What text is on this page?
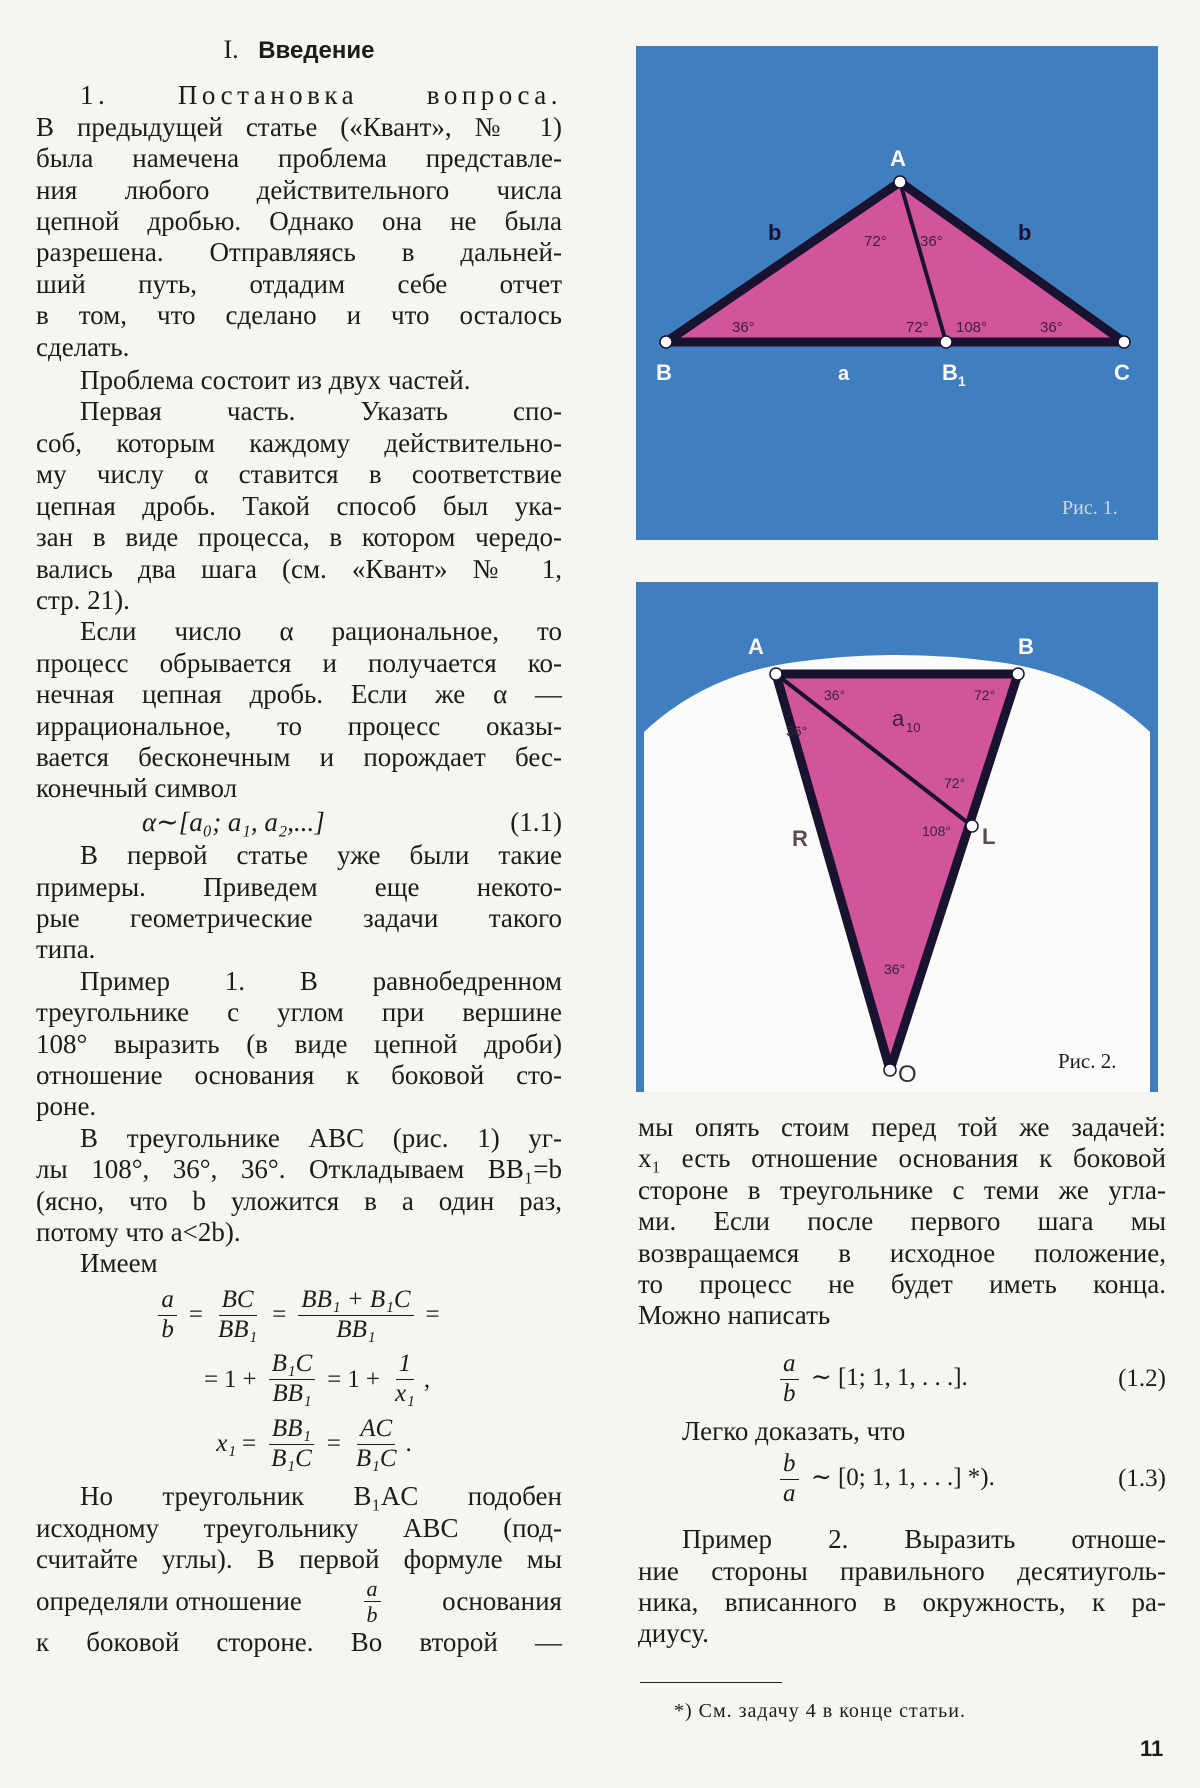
I. Введение

1. Постановка вопроса.

В предыдущей статье («Квант», № 1)

была намечена проблема представле-

ния любого действительного числа

цепной дробью. Однако она не была

разрешена. Отправляясь в дальней-

ший путь, отдадим себе отчет

в том, что сделано и что осталось

сделать.

Проблема состоит из двух частей.

Первая часть. Указать спо-

соб, которым каждому действительно-

му числу α ставится в соответствие

цепная дробь. Такой способ был ука-

зан в виде процесса, в котором чередо-

вались два шага (см. «Квант» № 1,

стр. 21).

Если число α рациональное, то

процесс обрывается и получается ко-

нечная цепная дробь. Если же α —

иррациональное, то процесс оказы-

вается бесконечным и порождает бес-

конечный символ

α∼[a₀; a₁, a₂,...]	(1.1)

В первой статье уже были такие

примеры. Приведем еще некото-

рые геометрические задачи такого

типа.

Пример 1. В равнобедренном

треугольнике с углом при вершине

108° выразить (в виде цепной дроби)

отношение основания к боковой сто-

роне.

В треугольнике ABC (рис. 1) уг-

лы 108°, 36°, 36°. Откладываем BB₁=b

(ясно, что b уложится в a один раз,

потому что a<2b).

Имеем

$\frac{a}{b} = \frac{BC}{\text{BB₁}} = \frac{\text{BB₁ + B₁C}}{\text{BB₁}}$ =
= $1 + \frac{\text{B₁C}}{\text{BB₁}} = 1 + \frac{1}{\text{x₁}}$ ,
$x_1 = \frac{\text{BB₁}}{\text{B₁C}} = \frac{AC}{\text{B₁C}}$ .

Но треугольник B₁AC подобен

исходному треугольнику ABC (под-

считайте углы). В первой формуле мы

определяли отношение	$\frac{a}{b}$ основания

к боковой стороне. Во второй —

A
B	C
B 1
a
b	b
72° 36°
36°	72° 108°	36°
Рис. 1.
A	B
L
R
O
a 10
36°
36°
72°
72°
108°
36°
Рис. 2.

мы опять стоим перед той же задачей:

x₁ есть отношение основания к боковой

стороне в треугольнике с теми же угла-

ми. Если после первого шага мы

возвращаемся в исходное положение,

то процесс не будет иметь конца.

Можно написать

$\frac{a}{b}$ ∼ [1; 1, 1, . . .].	(1.2)

Легко доказать, что

$\frac{b}{a}$ ∼ [0; 1, 1, . . .] *).	(1.3)

Пример 2. Выразить отноше-

ние стороны правильного десятиуголь-

ника, вписанного в окружность, к ра-

диусу.

*) См. задачу 4 в конце статьи.
11
